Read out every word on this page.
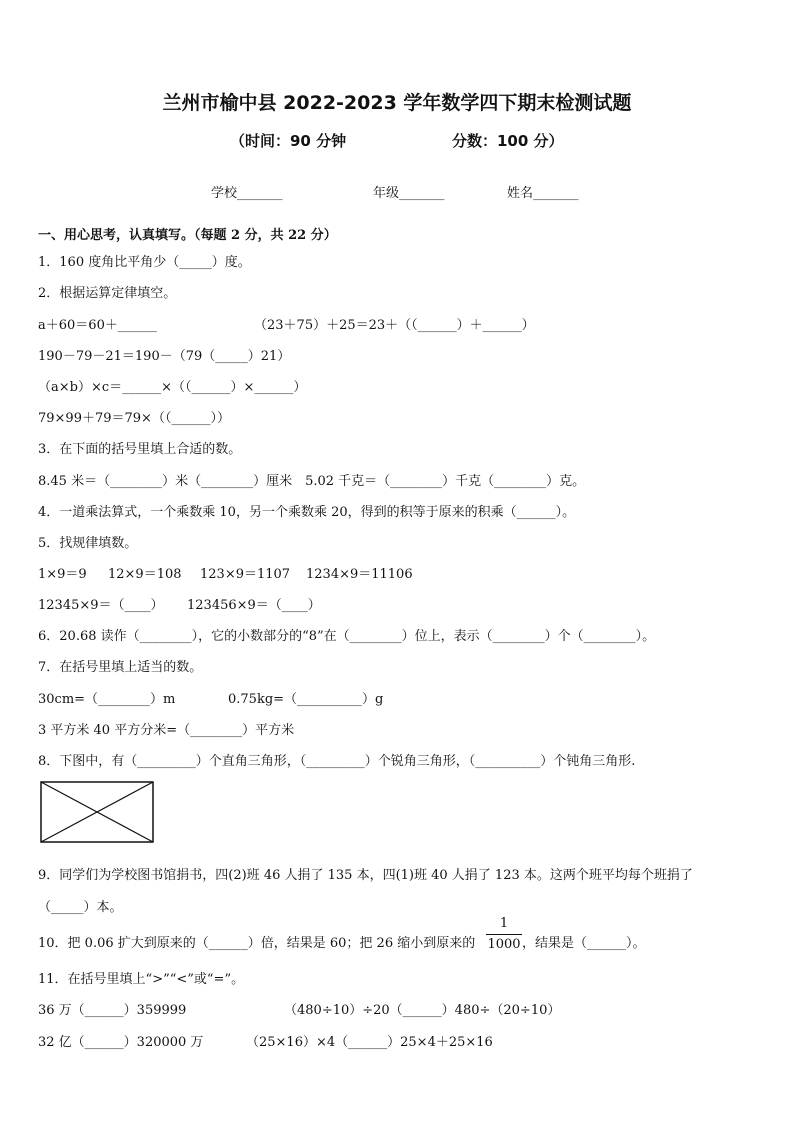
兰州市榆中县 2022-2023 学年数学四下期末检测试题
（时间：90 分钟	分数：100 分）
学校_______	年级_______	姓名_______
一、用心思考，认真填写。（每题 2 分，共 22 分）
1．160 度角比平角少（_____）度。
2．根据运算定律填空。
a＋60＝60＋______	（23＋75）＋25＝23＋（（______）＋______）
190－79－21＝190－（79（_____）21）
（a×b）×c＝______×（（______）×______）
79×99＋79＝79×（（______））
3．在下面的括号里填上合适的数。
8.45 米＝（________）米（________）厘米　5.02 千克＝（________）千克（________）克。
4．一道乘法算式，一个乘数乘 10，另一个乘数乘 20，得到的积等于原来的积乘（______）。
5．找规律填数。
1×9＝9 12×9＝108 123×9＝1107 1234×9＝11106
12345×9＝（____） 123456×9＝（____）
6．20.68 读作（________），它的小数部分的“8”在（________）位上，表示（________）个（________）。
7．在括号里填上适当的数。
30cm=（________）m	0.75kg=（__________）g
3 平方米 40 平方分米=（________）平方米
8．下图中，有（_________）个直角三角形，（_________）个锐角三角形，（__________）个钝角三角形.
9．同学们为学校图书馆捐书，四(2)班 46 人捐了 135 本，四(1)班 40 人捐了 123 本。这两个班平均每个班捐了
（_____）本。
10．把 0.06 扩大到原来的（______）倍，结果是 60；把 26 缩小到原来的
1
1000 ，结果是（______）。
11．在括号里填上“>”“<”或“=”。
36 万（______）359999	（480÷10）÷20（______）480÷（20÷10）
32 亿（______）320000 万	（25×16）×4（______）25×4＋25×16
